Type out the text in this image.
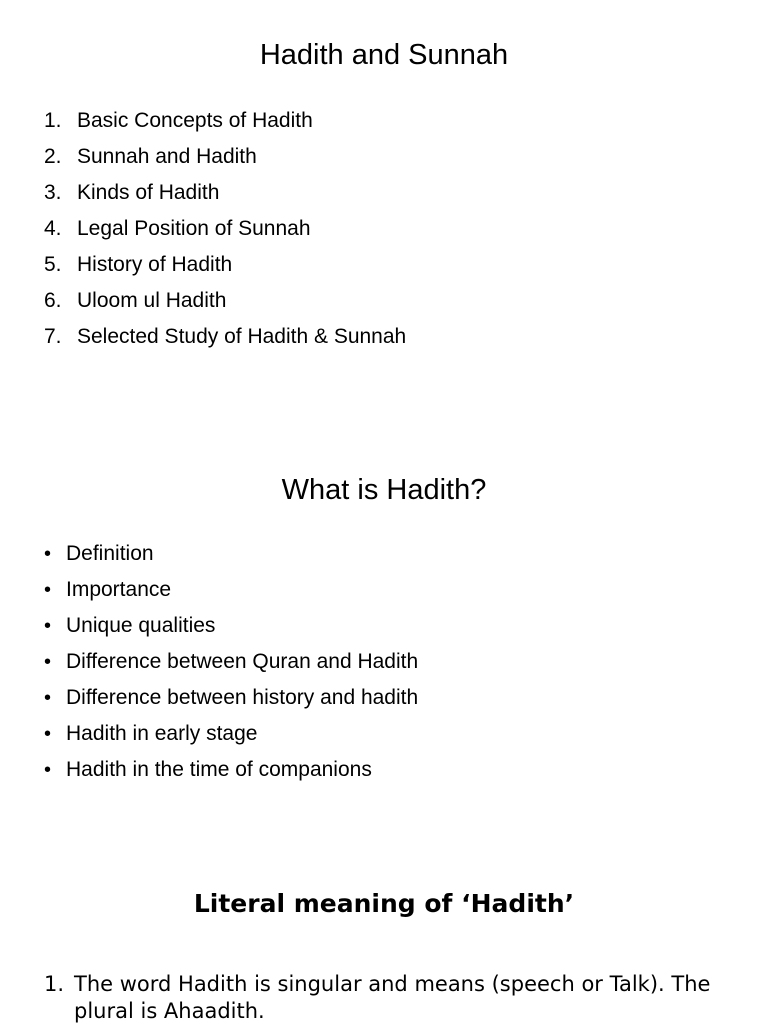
Hadith and Sunnah
1. Basic Concepts of Hadith
2. Sunnah and Hadith
3. Kinds of Hadith
4. Legal Position of Sunnah
5. History of Hadith
6. Uloom ul Hadith
7. Selected Study of Hadith & Sunnah
What is Hadith?
• Definition
• Importance
• Unique qualities
• Difference between Quran and Hadith
• Difference between history and hadith
• Hadith in early stage
• Hadith in the time of companions
Literal meaning of ‘Hadith’
1. The word Hadith is singular and means (speech or Talk). The plural is Ahaadith.
